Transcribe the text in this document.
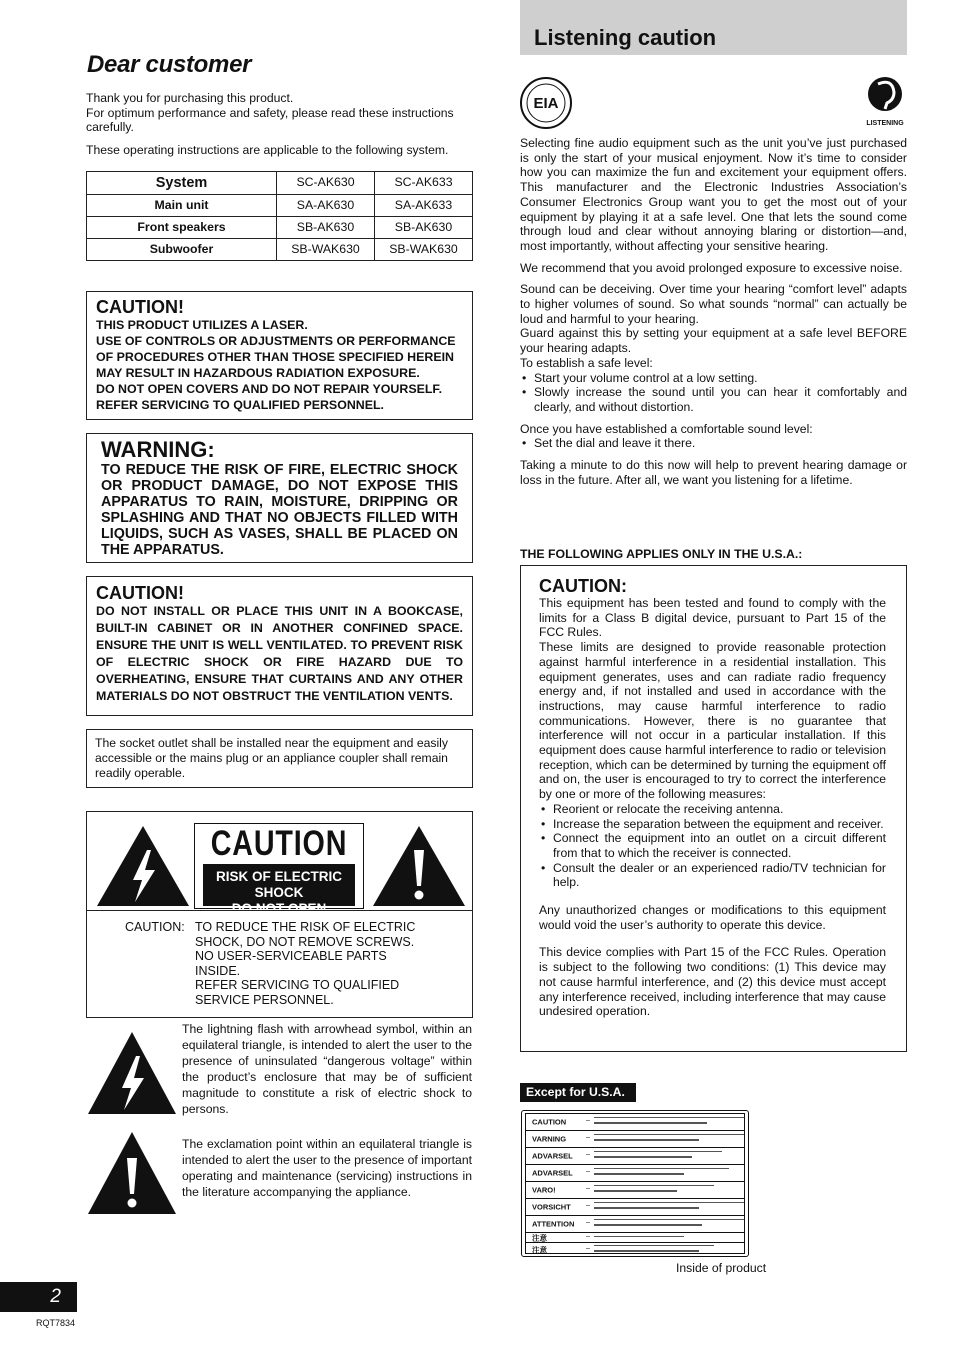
Dear customer

Thank you for purchasing this product.

For optimum performance and safety, please read these instructions carefully.

These operating instructions are applicable to the following system.

System	SC-AK630	SC-AK633
Main unit	SA-AK630	SA-AK633
Front speakers	SB-AK630	SB-AK630
Subwoofer	SB-WAK630	SB-WAK630
CAUTION!
THIS PRODUCT UTILIZES A LASER.
USE OF CONTROLS OR ADJUSTMENTS OR PERFORMANCE
OF PROCEDURES OTHER THAN THOSE SPECIFIED HEREIN
MAY RESULT IN HAZARDOUS RADIATION EXPOSURE.
DO NOT OPEN COVERS AND DO NOT REPAIR YOURSELF.
REFER SERVICING TO QUALIFIED PERSONNEL.
WARNING:
TO REDUCE THE RISK OF FIRE, ELECTRIC SHOCK OR PRODUCT DAMAGE, DO NOT EXPOSE THIS APPARATUS TO RAIN, MOISTURE, DRIPPING OR SPLASHING AND THAT NO OBJECTS FILLED WITH LIQUIDS, SUCH AS VASES, SHALL BE PLACED ON THE APPARATUS.
CAUTION!
DO NOT INSTALL OR PLACE THIS UNIT IN A BOOKCASE, BUILT-IN CABINET OR IN ANOTHER CONFINED SPACE. ENSURE THE UNIT IS WELL VENTILATED. TO PREVENT RISK OF ELECTRIC SHOCK OR FIRE HAZARD DUE TO OVERHEATING, ENSURE THAT CURTAINS AND ANY OTHER MATERIALS DO NOT OBSTRUCT THE VENTILATION VENTS.
The socket outlet shall be installed near the equipment and easily accessible or the mains plug or an appliance coupler shall remain readily operable.
CAUTION
RISK OF ELECTRIC SHOCK
DO NOT OPEN
CAUTION: TO REDUCE THE RISK OF ELECTRIC
SHOCK, DO NOT REMOVE SCREWS.
NO USER-SERVICEABLE PARTS
INSIDE.
REFER SERVICING TO QUALIFIED
SERVICE PERSONNEL.
The lightning flash with arrowhead symbol, within an equilateral triangle, is intended to alert the user to the presence of uninsulated “dangerous voltage” within the product’s enclosure that may be of sufficient magnitude to constitute a risk of electric shock to persons.
The exclamation point within an equilateral triangle is intended to alert the user to the presence of important operating and maintenance (servicing) instructions in the literature accompanying the appliance.
2
RQT7834
Listening caution
EIA
LISTENING

Selecting fine audio equipment such as the unit you’ve just purchased is only the start of your musical enjoyment. Now it’s time to consider how you can maximize the fun and excitement your equipment offers. This manufacturer and the Electronic Industries Association’s Consumer Electronics Group want you to get the most out of your equipment by playing it at a safe level. One that lets the sound come through loud and clear without annoying blaring or distortion—and, most importantly, without affecting your sensitive hearing.

We recommend that you avoid prolonged exposure to excessive noise.

Sound can be deceiving. Over time your hearing “comfort level” adapts to higher volumes of sound. So what sounds “normal” can actually be loud and harmful to your hearing.

Guard against this by setting your equipment at a safe level BEFORE your hearing adapts.

To establish a safe level:

• Start your volume control at a low setting.
• Slowly increase the sound until you can hear it comfortably and clearly, and without distortion.

Once you have established a comfortable sound level:

• Set the dial and leave it there.

Taking a minute to do this now will help to prevent hearing damage or loss in the future. After all, we want you listening for a lifetime.

THE FOLLOWING APPLIES ONLY IN THE U.S.A.:
CAUTION:

This equipment has been tested and found to comply with the limits for a Class B digital device, pursuant to Part 15 of the FCC Rules.

These limits are designed to provide reasonable protection against harmful interference in a residential installation. This equipment generates, uses and can radiate radio frequency energy and, if not installed and used in accordance with the instructions, may cause harmful interference to radio communications. However, there is no guarantee that interference will not occur in a particular installation. If this equipment does cause harmful interference to radio or television reception, which can be determined by turning the equipment off and on, the user is encouraged to try to correct the interference by one or more of the following measures:

• Reorient or relocate the receiving antenna.
• Increase the separation between the equipment and receiver.
• Connect the equipment into an outlet on a circuit different from that to which the receiver is connected.
• Consult the dealer or an experienced radio/TV technician for help.

Any unauthorized changes or modifications to this equipment would void the user’s authority to operate this device.

This device complies with Part 15 of the FCC Rules. Operation is subject to the following two conditions: (1) This device may not cause harmful interference, and (2) this device must accept any interference received, including interference that may cause undesired operation.

Except for U.S.A.
CAUTION	–
VARNING	–
ADVARSEL –
ADVARSEL –
VARO!	–
VORSICHT –
ATTENTION –
注意	–
注意	–
Inside of product
